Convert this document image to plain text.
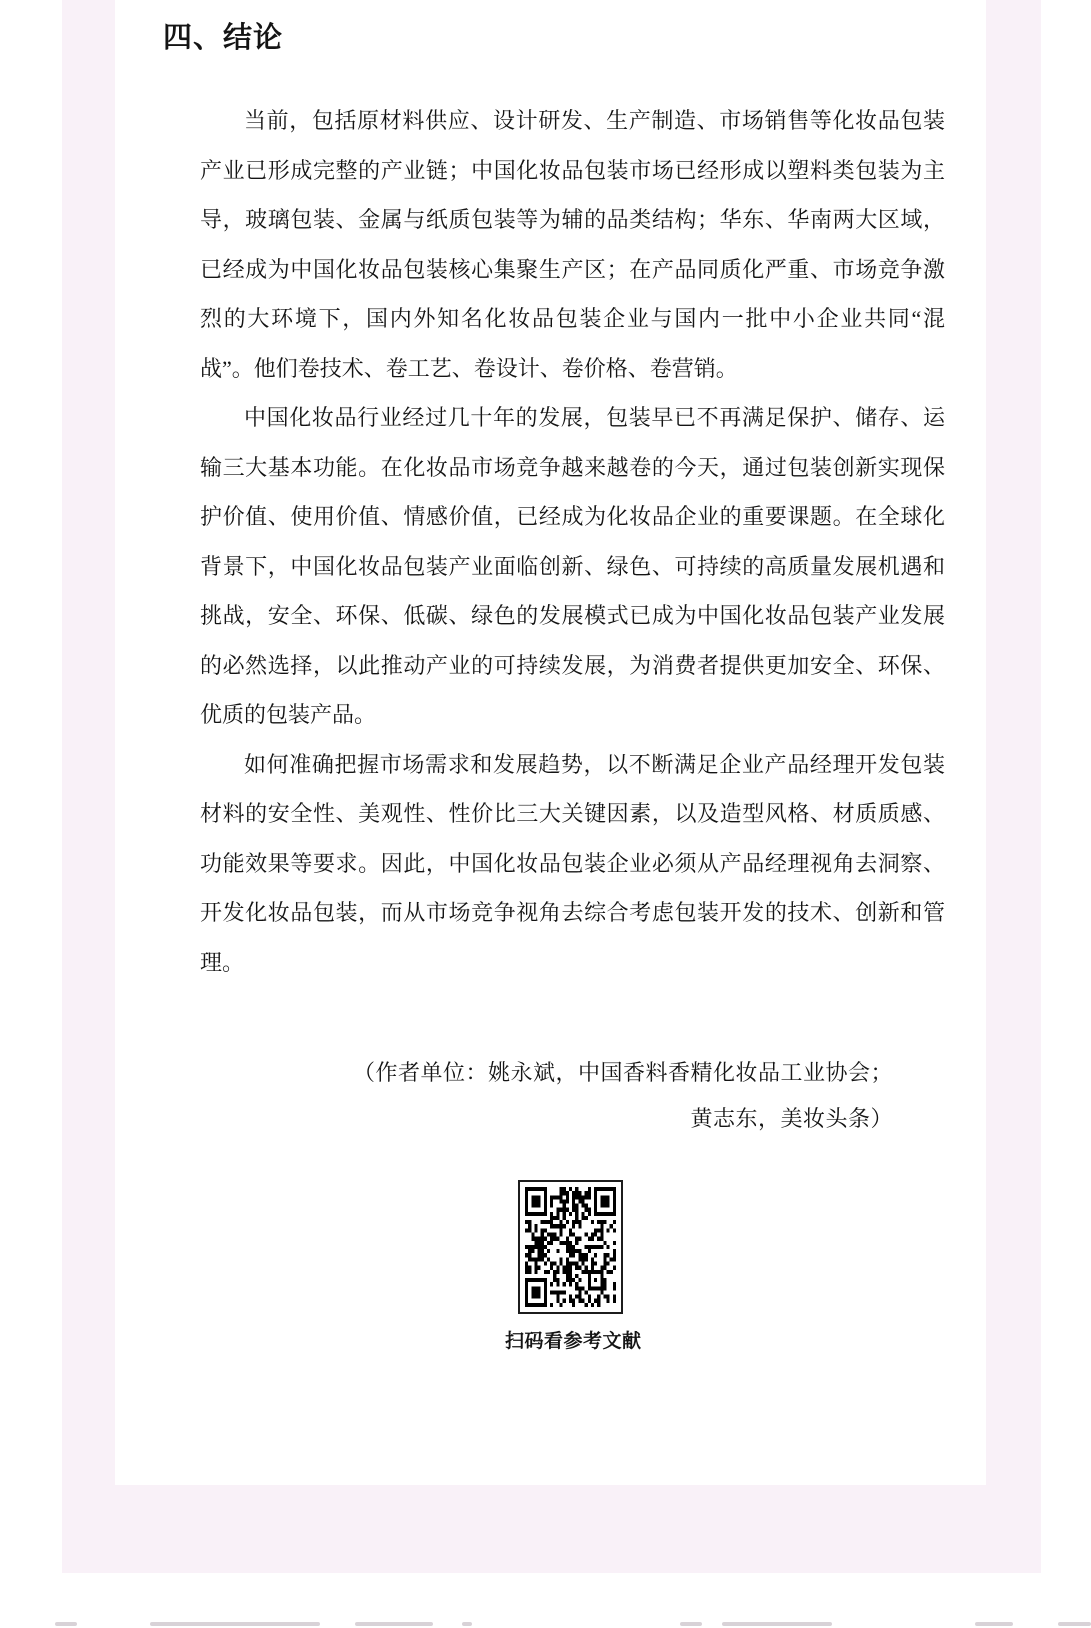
四、结论

当前，包括原材料供应、设计研发、生产制造、市场销售等化妆品包装产业已形成完整的产业链；中国化妆品包装市场已经形成以塑料类包装为主导，玻璃包装、金属与纸质包装等为辅的品类结构；华东、华南两大区域，已经成为中国化妆品包装核心集聚生产区；在产品同质化严重、市场竞争激烈的大环境下，国内外知名化妆品包装企业与国内一批中小企业共同“混战”。他们卷技术、卷工艺、卷设计、卷价格、卷营销。

中国化妆品行业经过几十年的发展，包装早已不再满足保护、储存、运输三大基本功能。在化妆品市场竞争越来越卷的今天，通过包装创新实现保护价值、使用价值、情感价值，已经成为化妆品企业的重要课题。在全球化背景下，中国化妆品包装产业面临创新、绿色、可持续的高质量发展机遇和挑战，安全、环保、低碳、绿色的发展模式已成为中国化妆品包装产业发展的必然选择，以此推动产业的可持续发展，为消费者提供更加安全、环保、优质的包装产品。

如何准确把握市场需求和发展趋势，以不断满足企业产品经理开发包装材料的安全性、美观性、性价比三大关键因素，以及造型风格、材质质感、功能效果等要求。因此，中国化妆品包装企业必须从产品经理视角去洞察、开发化妆品包装，而从市场竞争视角去综合考虑包装开发的技术、创新和管理。

（作者单位：姚永斌，中国香料香精化妆品工业协会；
黄志东，美妆头条）
扫码看参考文献
